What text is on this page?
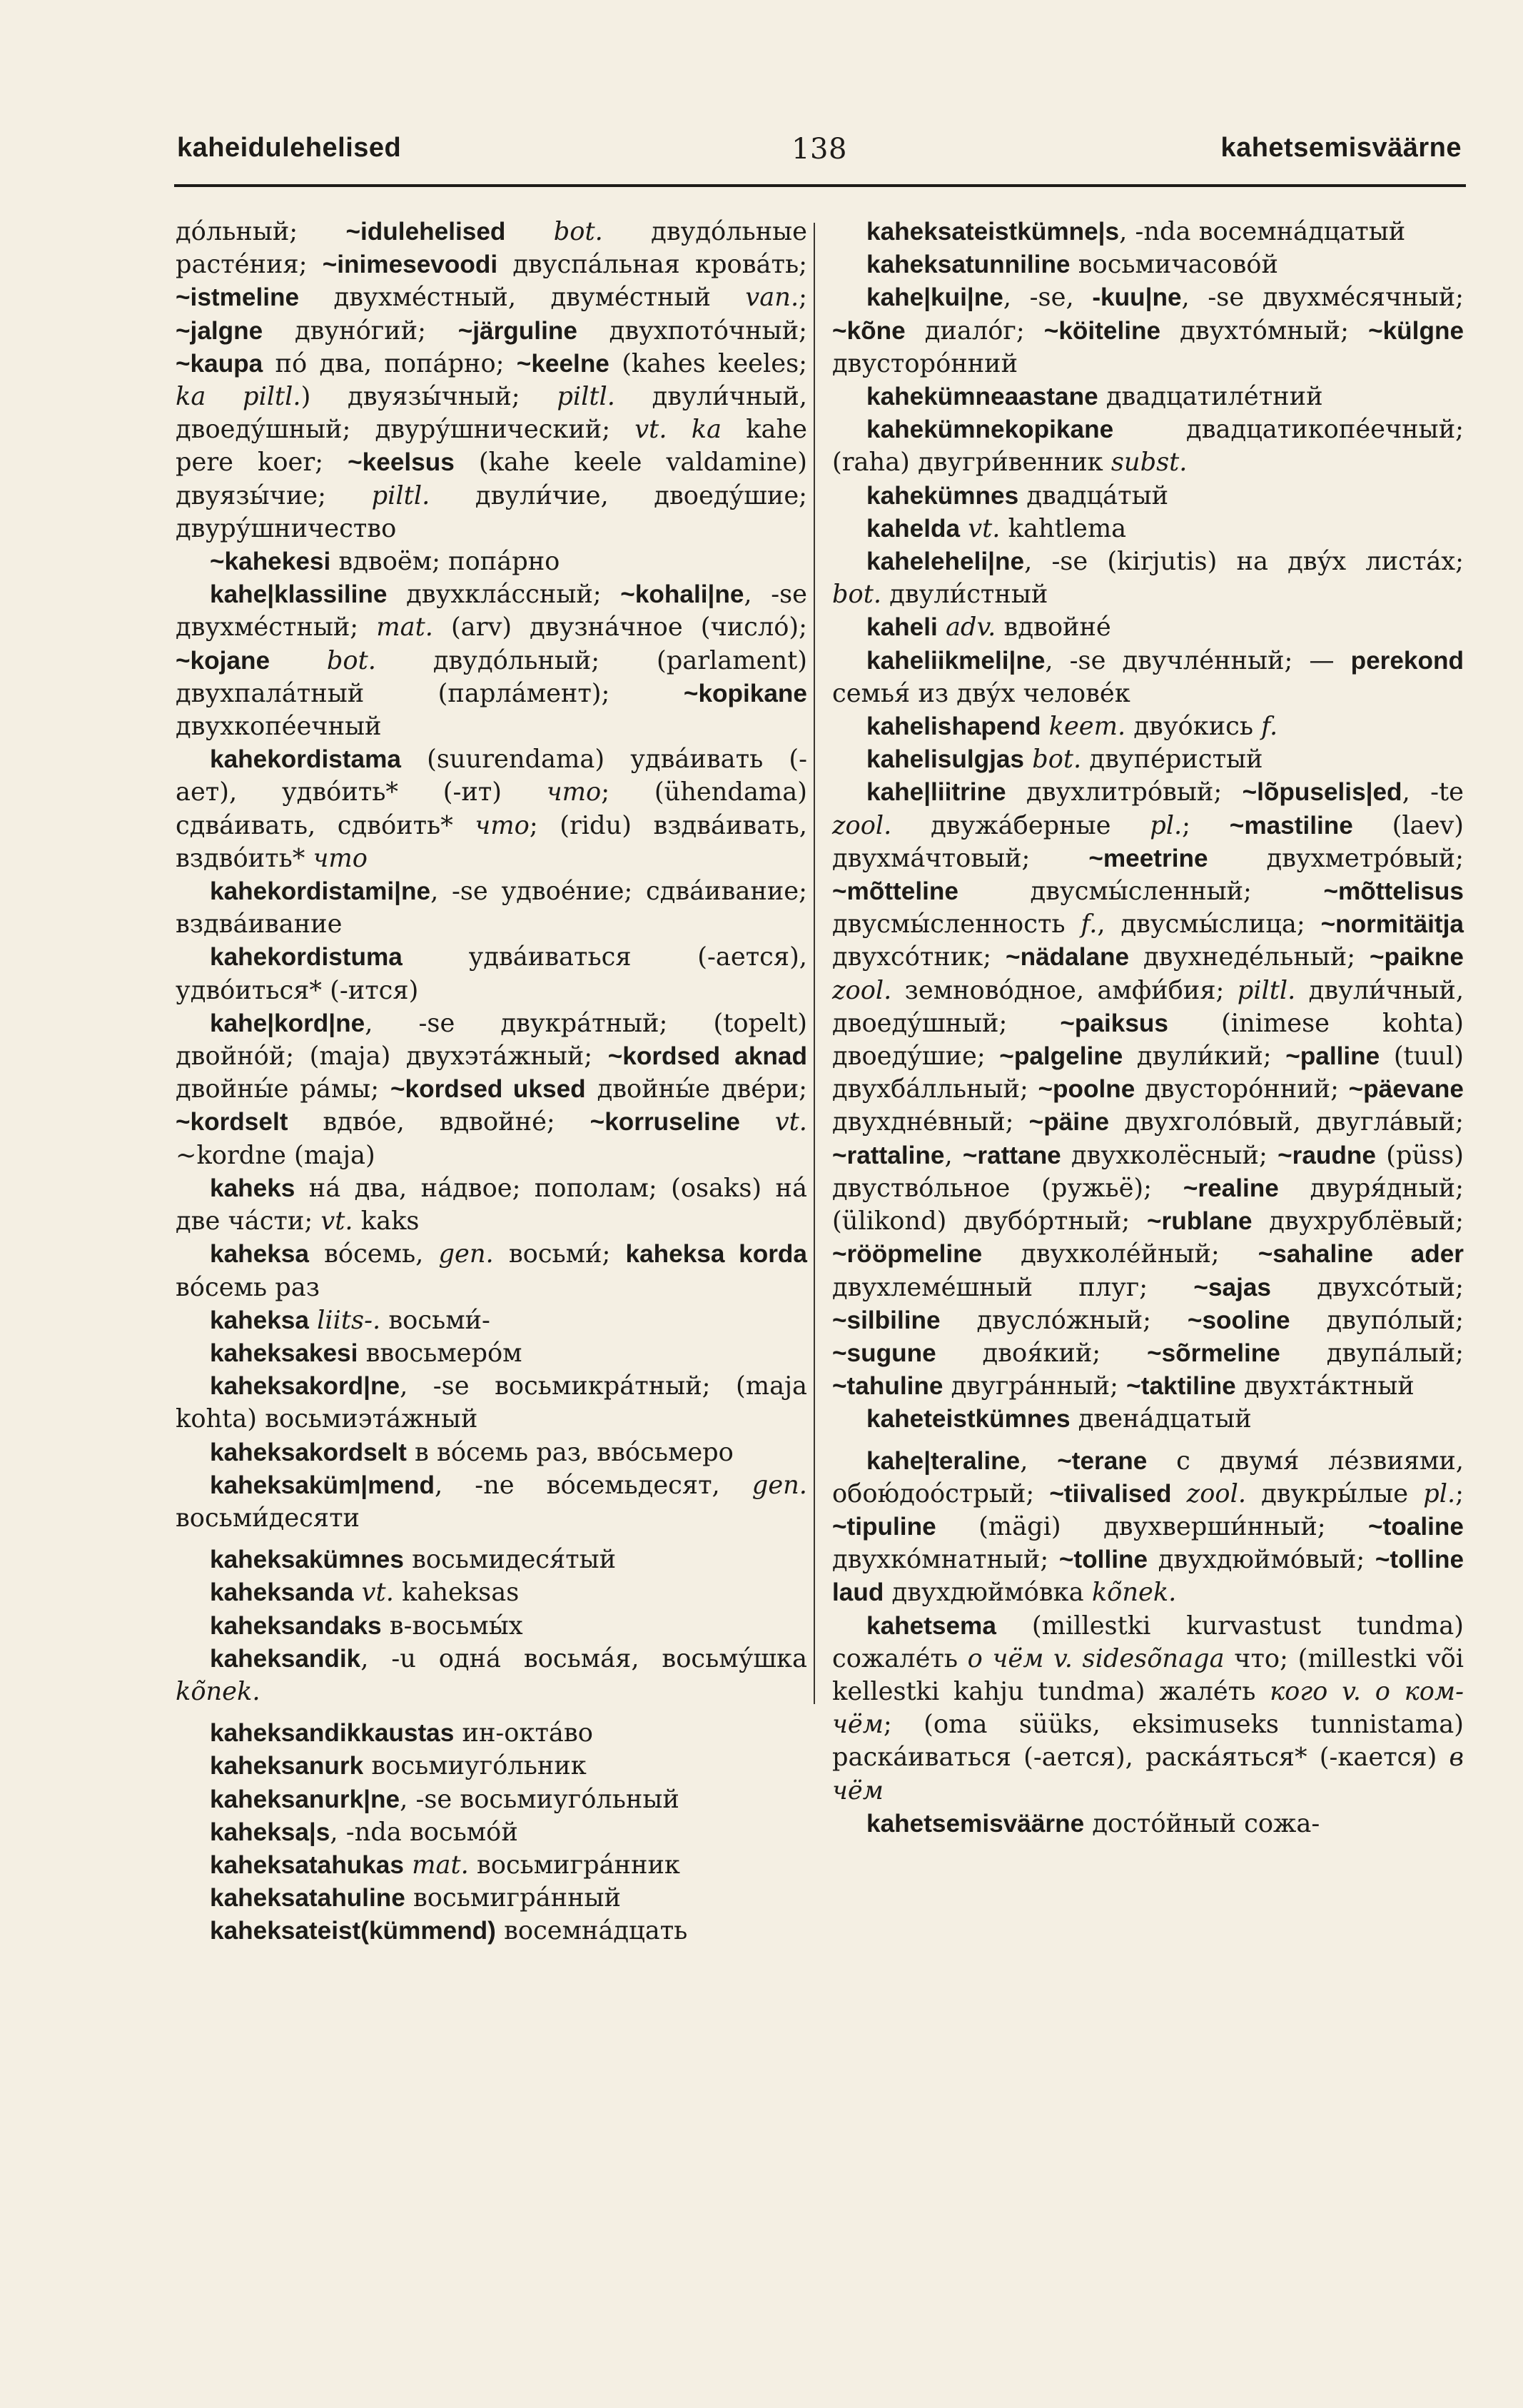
kaheidulehelised	138	kahetsemisväärne

до́льный; ~idulehelised bot. двудо́льные расте́ния; ~inimesevoodi двуспа́льная крова́ть; ~istmeline двухме́стный, двуме́стный van.; ~jalgne двуно́гий; ~järguline двухпото́чный; ~kaupa по́ два, попа́рно; ~keelne (kahes keeles; ka piltl.) двуязы́чный; piltl. двули́чный, двоеду́шный; двуру́шнический; vt. ka kahe pere koer; ~keelsus (kahe keele valdamine) двуязы́чие; piltl. двули́чие, двоеду́шие; двуру́шничество

~kahekesi вдвоём; попа́рно

kahe|klassiline двухкла́ссный; ~kohali|ne, -se двухме́стный; mat. (arv) двузна́чное (число́); ~kojane bot. двудо́льный; (parlament) двухпала́тный (парла́мент); ~kopikane двухкопе́ечный

kahekordistama (suurendama) удва́ивать (-ает), удво́ить* (-ит) что; (ühendama) сдва́ивать, сдво́ить* что; (ridu) вздва́ивать, вздво́ить* что

kahekordistami|ne, -se удвое́ние; сдва́ивание; вздва́ивание

kahekordistuma удва́иваться (-ается), удво́иться* (-ится)

kahe|kord|ne, -se двукра́тный; (topelt) двойно́й; (maja) двухэта́жный; ~kordsed aknad двойны́е ра́мы; ~kordsed uksed двойны́е две́ри; ~kordselt вдво́е, вдвойне́; ~korruseline vt. ~kordne (maja)

kaheks на́ два, на́двое; пополам; (osaks) на́ две ча́сти; vt. kaks

kaheksa во́семь, gen. восьми́; kaheksa korda во́семь раз

kaheksa liits-. восьми́-

kaheksakesi ввосьмеро́м

kaheksakord|ne, -se восьмикра́тный; (maja kohta) восьмиэта́жный

kaheksakordselt в во́семь раз, вво́сьмеро

kaheksaküm|mend, -ne во́семьдесят, gen. восьми́десяти

kaheksakümnes восьмидеся́тый

kaheksanda vt. kaheksas

kaheksandaks в-восьмы́х

kaheksandik, -u одна́ восьма́я, восьму́шка kõnek.

kaheksandikkaustas ин-окта́во

kaheksanurk восьмиуго́льник

kaheksanurk|ne, -se восьмиуго́льный

kaheksa|s, -nda восьмо́й

kaheksatahukas mat. восьмигра́нник

kaheksatahuline восьмигра́нный

kaheksateist(kümmend) восемна́дцать

kaheksateistkümne|s, -nda восемна́дцатый

kaheksatunniline восьмичасово́й

kahe|kui|ne, -se, -kuu|ne, -se двухме́сячный; ~kõne диало́г; ~köiteline двухто́мный; ~külgne двусторо́нний

kahekümneaastane двадцатиле́тний

kahekümnekopikane двадцатикопе́ечный; (raha) двугри́венник subst.

kahekümnes двадца́тый

kahelda vt. kahtlema

kaheleheli|ne, -se (kirjutis) на дву́х листа́х; bot. двули́стный

kaheli adv. вдвойне́

kaheliikmeli|ne, -se двучле́нный; — perekond семья́ из дву́х челове́к

kahelishapend keem. двуо́кись f.

kahelisulgjas bot. двупе́ристый

kahe|liitrine двухлитро́вый; ~lõpuselis|ed, -te zool. двужа́берные pl.; ~mastiline (laev) двухма́чтовый; ~meetrine двухметро́вый; ~mõtteline двусмы́сленный; ~mõttelisus двусмы́сленность f., двусмы́слица; ~normitäitja двухсо́тник; ~nädalane двухнеде́льный; ~paikne zool. земново́дное, амфи́бия; piltl. двули́чный, двоеду́шный; ~paiksus (inimese kohta) двоеду́шие; ~palgeline двули́кий; ~palline (tuul) двухба́лльный; ~poolne двусторо́нний; ~päevane двухдне́вный; ~päine двухголо́вый, двугла́вый; ~rattaline, ~rattane двухколёсный; ~raudne (püss) двуство́льное (ружьё); ~realine двуря́дный; (ülikond) двубо́ртный; ~rublane двухрублёвый; ~rööpmeline двухколе́йный; ~sahaline ader двухлеме́шный плуг; ~sajas двухсо́тый; ~silbiline двусло́жный; ~sooline двупо́лый; ~sugune двоя́кий; ~sõrmeline двупа́лый; ~tahuline двугра́нный; ~taktiline двухта́ктный

kaheteistkümnes двена́дцатый

kahe|teraline, ~terane с двумя́ ле́звиями, обою́доо́стрый; ~tiivalised zool. двукры́лые pl.; ~tipuline (mägi) двухверши́нный; ~toaline двухко́мнатный; ~tolline двухдюймо́вый; ~tolline laud двухдюймо́вка kõnek.

kahetsema (millestki kurvastust tundma) сожале́ть о чём v. sidesõnaga что; (millestki või kellestki kahju tundma) жале́ть кого v. о ком-чём; (oma süüks, eksimuseks tunnistama) раска́иваться (-ается), раска́яться* (-кается) в чём

kahetsemisväärne досто́йный сожа-
